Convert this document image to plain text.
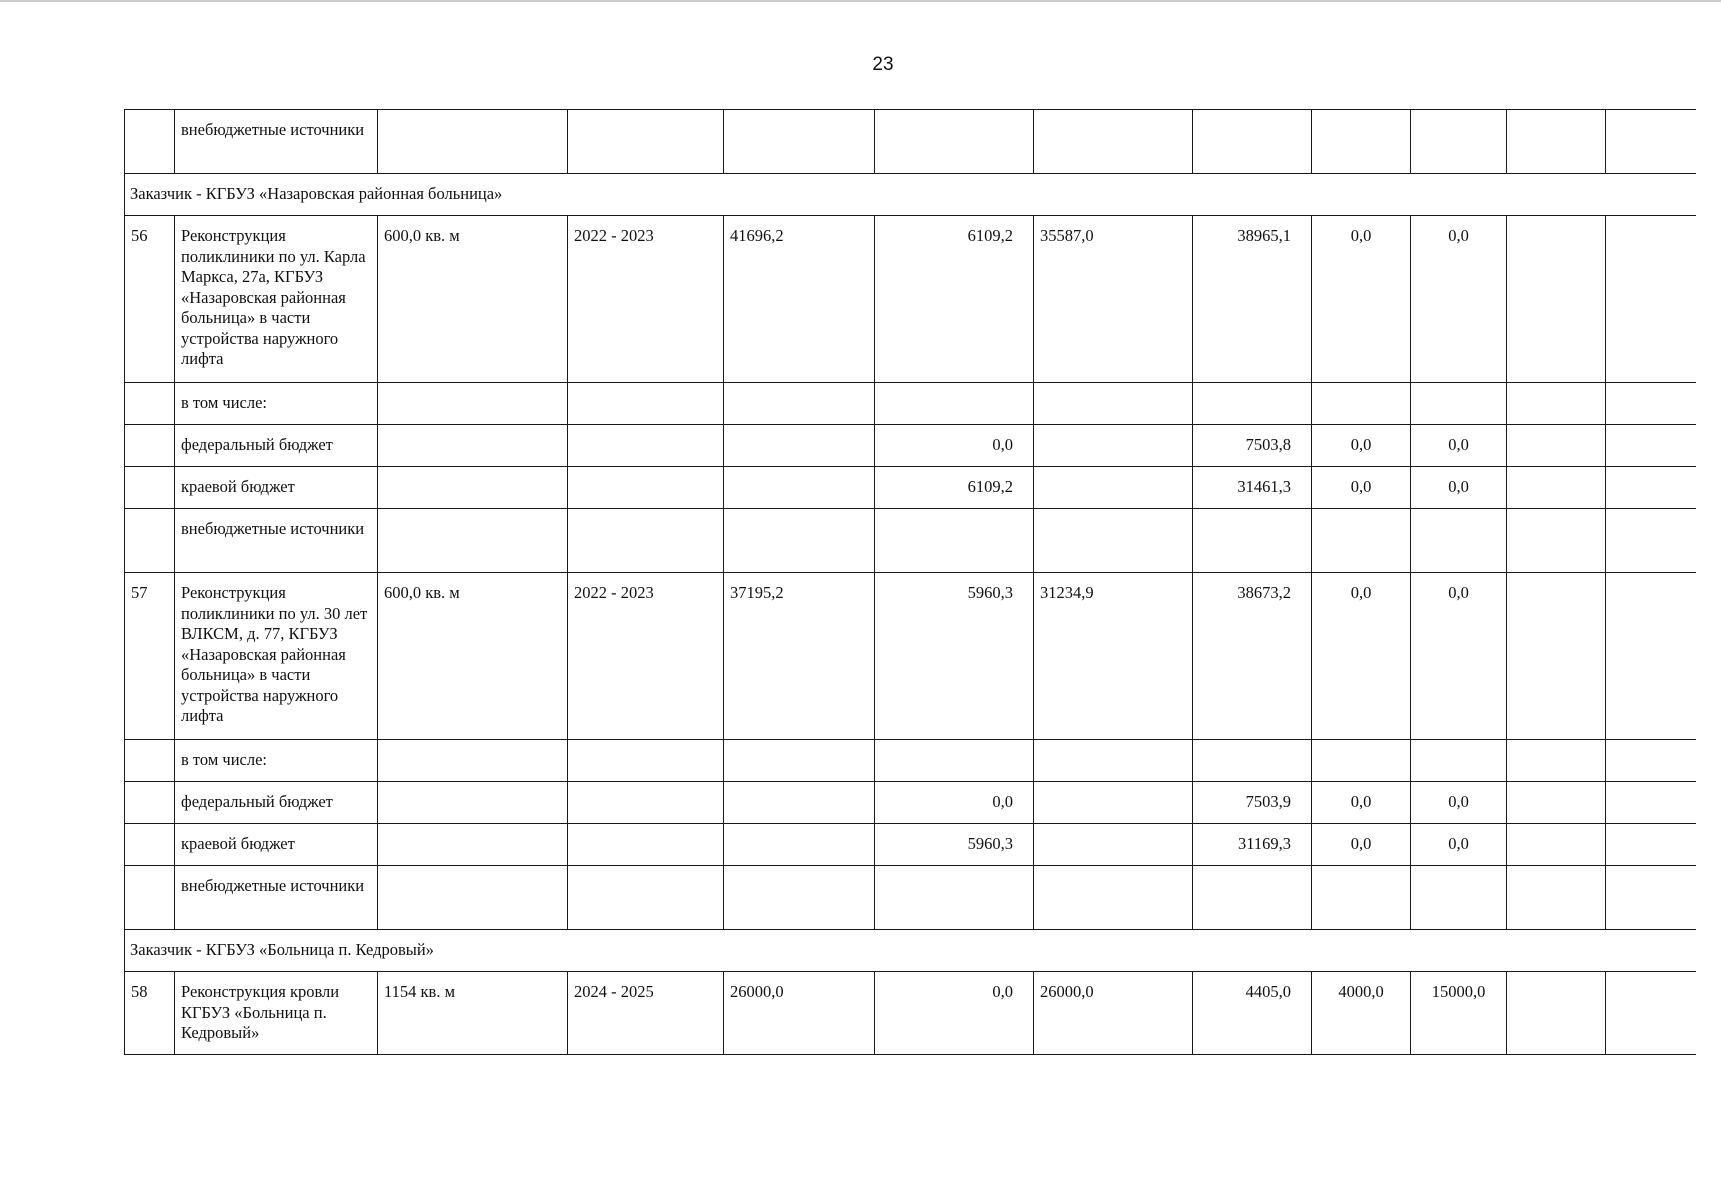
23
	внебюджетные источники										
Заказчик - КГБУЗ «Назаровская районная больница»											
56	Реконструкция поликлиники по ул. Карла Маркса, 27а, КГБУЗ «Назаровская районная больница» в части устройства наружного лифта	600,0 кв. м	2022 - 2023	41696,2	6109,2	35587,0	38965,1	0,0	0,0		
	в том числе:										
	федеральный бюджет				0,0		7503,8	0,0	0,0		
	краевой бюджет				6109,2		31461,3	0,0	0,0		
	внебюджетные источники										
57	Реконструкция поликлиники по ул. 30 лет ВЛКСМ, д. 77, КГБУЗ «Назаровская районная больница» в части устройства наружного лифта	600,0 кв. м	2022 - 2023	37195,2	5960,3	31234,9	38673,2	0,0	0,0		
	в том числе:										
	федеральный бюджет				0,0		7503,9	0,0	0,0		
	краевой бюджет				5960,3		31169,3	0,0	0,0		
	внебюджетные источники										
Заказчик - КГБУЗ «Больница п. Кедровый»											
58	Реконструкция кровли КГБУЗ «Больница п. Кедровый»	1154 кв. м	2024 - 2025	26000,0	0,0	26000,0	4405,0	4000,0	15000,0		
